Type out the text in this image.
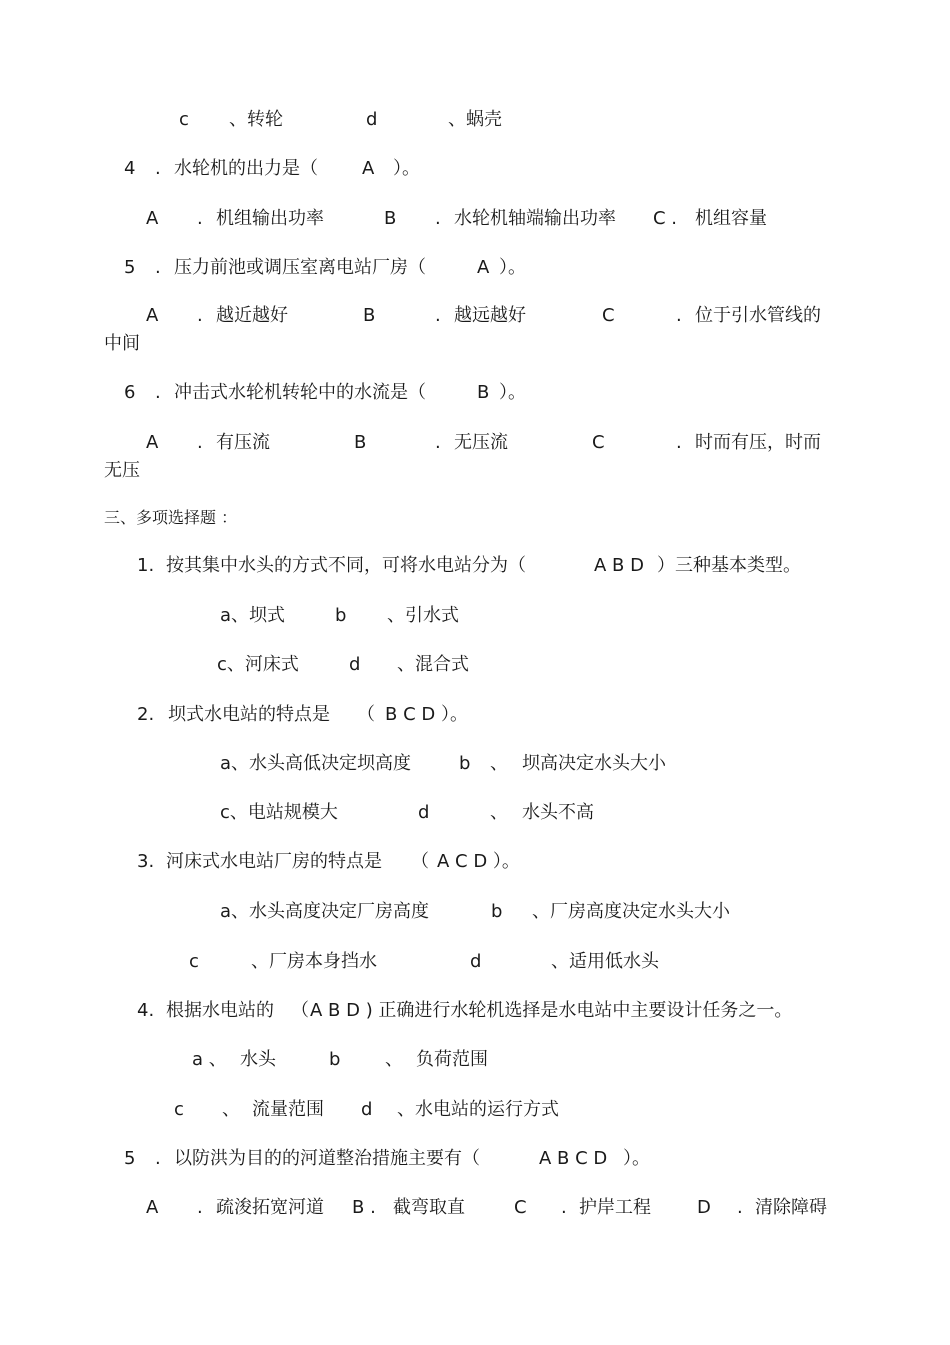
c 、转轮	d	、蜗壳
4 . 水轮机的出力是（ A ）。
A . 机组输出功率	B . 水轮机轴端输出功率 C . 机组容量
5 . 压力前池或调压室离电站厂房（	A ）。
A . 越近越好	B	. 越远越好	C	. 位于引水管线的
中间
6 . 冲击式水轮机转轮中的水流是（	B ）。
A . 有压流	B	. 无压流	C	. 时而有压，时而
无压
三、多项选择题 ：
1. 按其集中水头的方式不同，可将水电站分为（	A B D ）三种基本类型。
a、坝式	b 、引水式
c、河床式	d 、混合式
2. 坝式水电站的特点是 （ B C D ）。
a、水头高低决定坝高度	b 、 坝高决定水头大小
c、电站规模大	d	、 水头不高
3. 河床式水电站厂房的特点是 （ A C D ）。
a、水头高度决定厂房高度	b 、厂房高度决定水头大小
c	、厂房本身挡水	d	、适用低水头
4. 根据水电站的 （ A B D ) 正确进行水轮机选择是水电站中主要设计任务之一。
a 、 水头	b 、 负荷范围
c 、 流量范围 d 、水电站的运行方式
5 . 以防洪为目的的河道整治措施主要有（	A B C D ）。
A . 疏浚拓宽河道 B . 截弯取直	C . 护岸工程	D . 清除障碍
